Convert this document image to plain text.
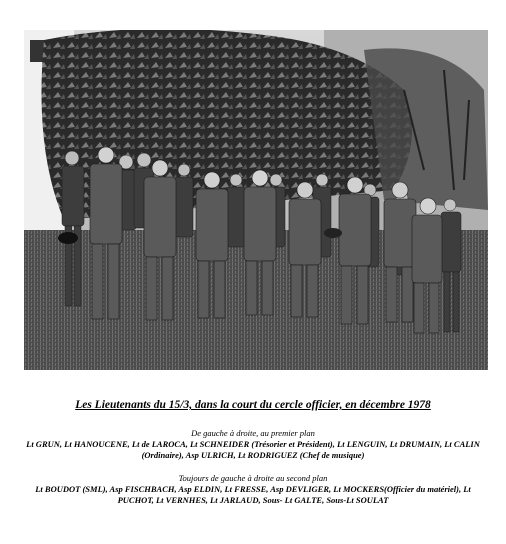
Les Lieutenants du 15/3, dans la court du cercle officier, en décembre 1978
De gauche à droite, au premier plan
Lt GRUN, Lt HANOUCENE, Lt de LAROCA, Lt SCHNEIDER (Trésorier et Président), Lt LENGUIN, Lt DRUMAIN, Lt CALIN (Ordinaire), Asp ULRICH, Lt RODRIGUEZ (Chef de musique)
Toujours de gauche à droite au second plan
Lt BOUDOT (SML), Asp FISCHBACH, Asp ELDIN, Lt FRESSE, Asp DEVLIGER, Lt MOCKERS(Officier du matériel), Lt PUCHOT, Lt VERNHES, Lt JARLAUD, Sous- Lt GALTE, Sous-Lt SOULAT
